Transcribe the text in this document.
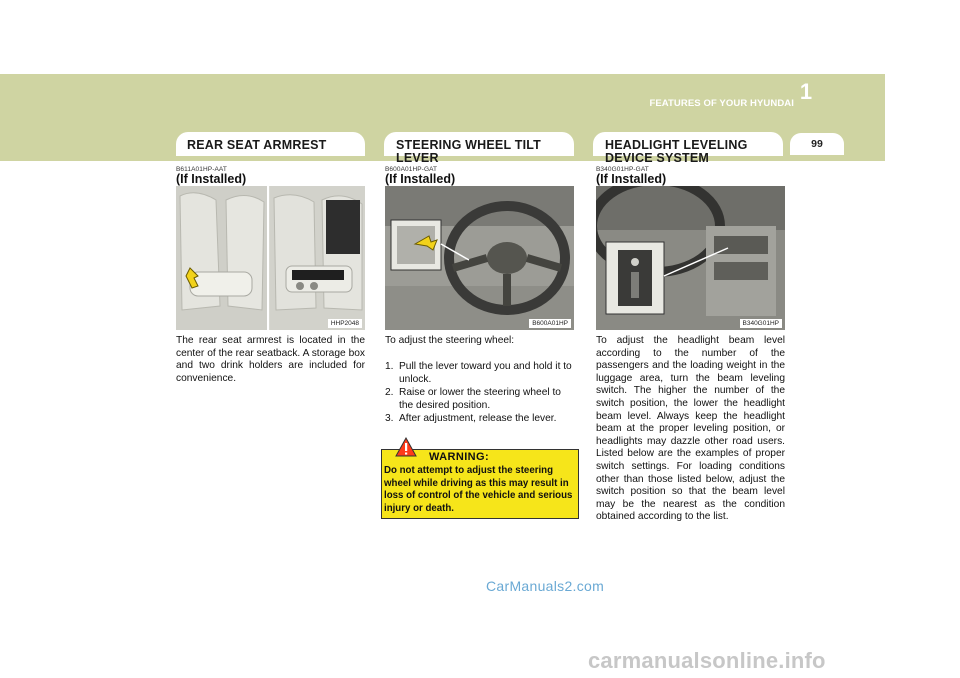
1
FEATURES OF YOUR HYUNDAI
99
REAR SEAT ARMREST	STEERING WHEEL TILT LEVER
HEADLIGHT LEVELING DEVICE SYSTEM
B611A01HP-AAT
(If Installed)
HHP2048
The rear seat armrest is located in the center of the rear seatback. A storage box and two drink holders are included for convenience.
B600A01HP-GAT
(If Installed)
B600A01HP
To adjust the steering wheel:
1. Pull the lever toward you and hold it to unlock.
2. Raise or lower the steering wheel to the desired position.
3. After adjustment, release the lever.
WARNING:
Do not attempt to adjust the steering wheel while driving as this may result in loss of control of the vehicle and serious injury or death.
B340G01HP-GAT
(If Installed)
B340G01HP
To adjust the headlight beam level according to the number of the passengers and the loading weight in the luggage area, turn the beam leveling switch. The higher the number of the switch position, the lower the headlight beam level. Always keep the headlight beam at the proper leveling position, or headlights may dazzle other road users. Listed below are the examples of proper switch settings. For loading conditions other than those listed below, adjust the switch position so that the beam level may be the nearest as the condition obtained according to the list.
CarManuals2.com
carmanualsonline.info
